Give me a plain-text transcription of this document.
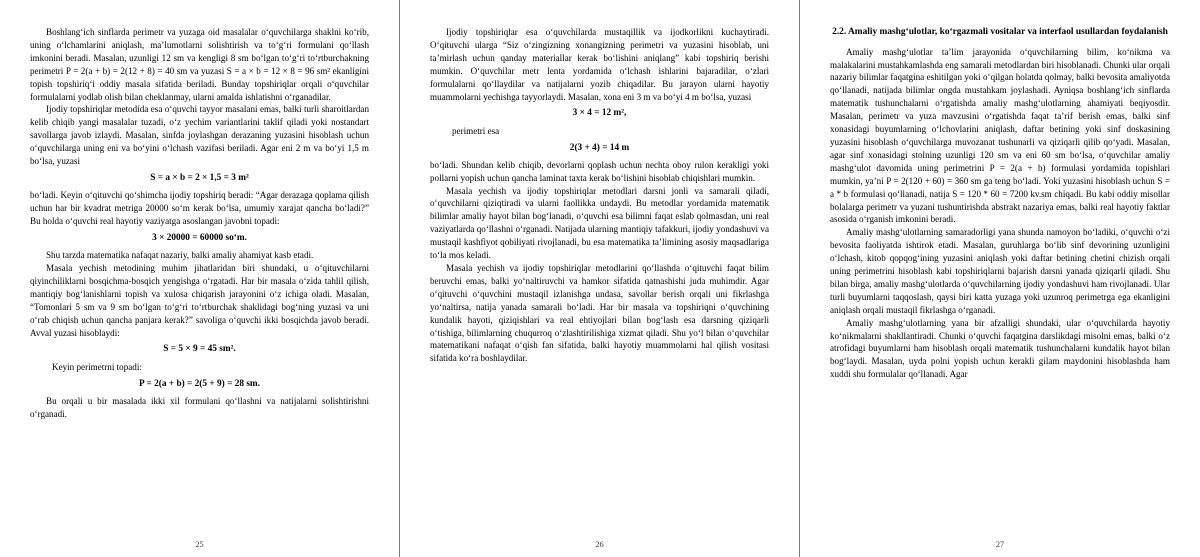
Boshlang‘ich sinflarda perimetr va yuzaga oid masalalar o‘quvchilarga shaklni ko‘rib, uning o‘lchamlarini aniqlash, ma’lumotlarni solishtirish va to‘g‘ri formulani qo‘llash imkonini beradi. Masalan, uzunligi 12 sm va kengligi 8 sm bo‘lgan to‘g‘ri to‘rtburchakning perimetri P = 2(a + b) = 2(12 + 8) = 40 sm va yuzasi S = a × b = 12 × 8 = 96 sm² ekanligini topish topshiriq‘i oddiy masala sifatida beriladi. Bunday topshiriqlar orqali o‘quvchilar formulalarni yodlab olish bilan cheklanmay, ularni amalda ishlatishni o‘rganadilar.

Ijodiy topshiriqlar metodida esa o‘quvchi tayyor masalani emas, balki turli sharoitlardan kelib chiqib yangi masalalar tuzadi, o‘z yechim variantlarini taklif qiladi yoki nostandart savollarga javob izlaydi. Masalan, sinfda joylashgan derazaning yuzasini hisoblash uchun o‘quvchilarga uning eni va bo‘yini o‘lchash vazifasi beriladi. Agar eni 2 m va bo‘yi 1,5 m bo‘lsa, yuzasi

S = a × b = 2 × 1,5 = 3 m²

bo‘ladi. Keyin o‘qituvchi qo‘shimcha ijodiy topshiriq beradi: “Agar derazaga qoplama qilish uchun har bir kvadrat metriga 20000 so‘m kerak bo‘lsa, umumiy xarajat qancha bo‘ladi?” Bu holda o‘quvchi real hayotiy vaziyatga asoslangan javobni topadi:

3 × 20000 = 60000 so‘m.

Shu tarzda matematika nafaqat nazariy, balki amaliy ahamiyat kasb etadi.

Masala yechish metodining muhim jihatlaridan biri shundaki, u o‘qituvchilarni qiyinchiliklarni bosqichma-bosqich yengishga o‘rgatadi. Har bir masala o‘zida tahlil qilish, mantiqiy bog‘lanishlarni topish va xulosa chiqarish jarayonini o‘z ichiga oladi. Masalan, “Tomonlari 5 sm va 9 sm bo‘lgan to‘g‘ri to‘rtburchak shaklidagi bog‘ning yuzasi va uni o‘rab chiqish uchun qancha panjara kerak?” savoliga o‘quvchi ikki bosqichda javob beradi. Avval yuzasi hisoblaydi:

S = 5 × 9 = 45 sm².

Keyin perimetrni topadi:

P = 2(a + b) = 2(5 + 9) = 28 sm.

Bu orqali u bir masalada ikki xil formulani qo‘llashni va natijalarni solishtirishni o‘rganadi.

25

Ijodiy topshiriqlar esa o‘quvchilarda mustaqillik va ijodkorlikni kuchaytiradi. O‘qituvchi ularga “Siz o‘zingizning xonangizning perimetri va yuzasini hisoblab, uni ta’mirlash uchun qanday materiallar kerak bo‘lishini aniqlang” kabi topshiriq berishi mumkin. O‘quvchilar metr lenta yordamida o‘lchash ishlarini bajaradilar, o‘zlari formulalarni qo‘llaydilar va natijalarni yozib chiqadilar. Bu jarayon ularni hayotiy muammolarni yechishga tayyorlaydi. Masalan, xona eni 3 m va bo‘yi 4 m bo‘lsa, yuzasi

3 × 4 = 12 m²,

perimetri esa

2(3 + 4) = 14 m

bo‘ladi. Shundan kelib chiqib, devorlarni qoplash uchun nechta oboy rulon kerakligi yoki pollarni yopish uchun qancha laminat taxta kerak bo‘lishini hisoblab chiqishlari mumkin.

Masala yechish va ijodiy topshiriqlar metodlari darsni jonli va samarali qiladi, o‘quvchilarni qiziqtiradi va ularni faollikka undaydi. Bu metodlar yordamida matematik bilimlar amaliy hayot bilan bog‘lanadi, o‘quvchi esa bilimni faqat eslab qolmasdan, uni real vaziyatlarda qo‘llashni o‘rganadi. Natijada ularning mantiqiy tafakkuri, ijodiy yondashuvi va mustaqil kashfiyot qobiliyati rivojlanadi, bu esa matematika ta’limining asosiy maqsadlariga to‘la mos keladi.

Masala yechish va ijodiy topshiriqlar metodlarini qo‘llashda o‘qituvchi faqat bilim beruvchi emas, balki yo‘naltiruvchi va hamkor sifatida qatnashishi juda muhimdir. Agar o‘qituvchi o‘quvchini mustaqil izlanishga undasa, savollar berish orqali uni fikrlashga yo‘naltirsa, natija yanada samarali bo‘ladi. Har bir masala va topshiriqni o‘quvchining kundalik hayoti, qiziqishlari va real ehtiyojlari bilan bog‘lash esa darsning qiziqarli o‘tishiga, bilimlarning chuqurroq o‘zlashtirilishiga xizmat qiladi. Shu yo‘l bilan o‘quvchilar matematikani nafaqat o‘qish fan sifatida, balki hayotiy muammolarni hal qilish vositasi sifatida ko‘ra boshlaydilar.

26
2.2. Amaliy mashg‘ulotlar, ko‘rgazmali vositalar va interfaol usullardan foydalanish

Amaliy mashg‘ulotlar ta’lim jarayonida o‘quvchilarning bilim, ko‘nikma va malakalarini mustahkamlashda eng samarali metodlardan biri hisoblanadi. Chunki ular orqali nazariy bilimlar faqatgina eshitilgan yoki o‘qilgan holatda qolmay, balki bevosita amaliyotda qo‘llanadi, natijada bilimlar ongda mustahkam joylashadi. Ayniqsa boshlang‘ich sinflarda matematik tushunchalarni o‘rgatishda amaliy mashg‘ulotlarning ahamiyati beqiyosdir. Masalan, perimetr va yuza mavzusini o‘rgatishda faqat ta’rif berish emas, balki sinf xonasidagi buyumlarning o‘lchovlarini aniqlash, daftar betining yoki sinf doskasining yuzasini hisoblash o‘quvchilarga muvozanat tushunarli va qiziqarli qilib qo‘yadi. Masalan, agar sinf xonasidagi stolning uzunligi 120 sm va eni 60 sm bo‘lsa, o‘quvchilar amaliy mashg‘ulot davomida uning perimetrini P = 2(a + b) formulasi yordamida topishlari mumkin, ya’ni P = 2(120 + 60) = 360 sm ga teng bo‘ladi. Yoki yuzasini hisoblash uchun S = a * b formulasi qo‘llanadi, natija S = 120 * 60 = 7200 kv.sm chiqadi. Bu kabi oddiy misollar bolalarga perimetr va yuzani tushuntirishda abstrakt nazariya emas, balki real hayotiy faktlar asosida o‘rganish imkonini beradi.

Amaliy mashg‘ulotlarning samaradorligi yana shunda namoyon bo‘ladiki, o‘quvchi o‘zi bevosita faoliyatda ishtirok etadi. Masalan, guruhlarga bo‘lib sinf devorining uzunligini o‘lchash, kitob qopqog‘ining yuzasini aniqlash yoki daftar betining chetini chizish orqali uning perimetrini hisoblash kabi topshiriqlarni bajarish darsni yanada qiziqarli qiladi. Shu bilan birga, amaliy mashg‘ulotlarda o‘quvchilarning ijodiy yondashuvi ham rivojlanadi. Ular turli buyumlarni taqqoslash, qaysi biri katta yuzaga yoki uzunroq perimetrga ega ekanligini aniqlash orqali mustaqil fikrlashga o‘rganadi.

Amaliy mashg‘ulotlarning yana bir afzalligi shundaki, ular o‘quvchilarda hayotiy ko‘nikmalarni shakllantiradi. Chunki o‘quvchi faqatgina darslikdagi misolni emas, balki o‘z atrofidagi buyumlarni ham hisoblash orqali matematik tushunchalarni kundalik hayot bilan bog‘laydi. Masalan, uyda polni yopish uchun kerakli gilam maydonini hisoblashda ham xuddi shu formulalar qo‘llanadi. Agar

27
